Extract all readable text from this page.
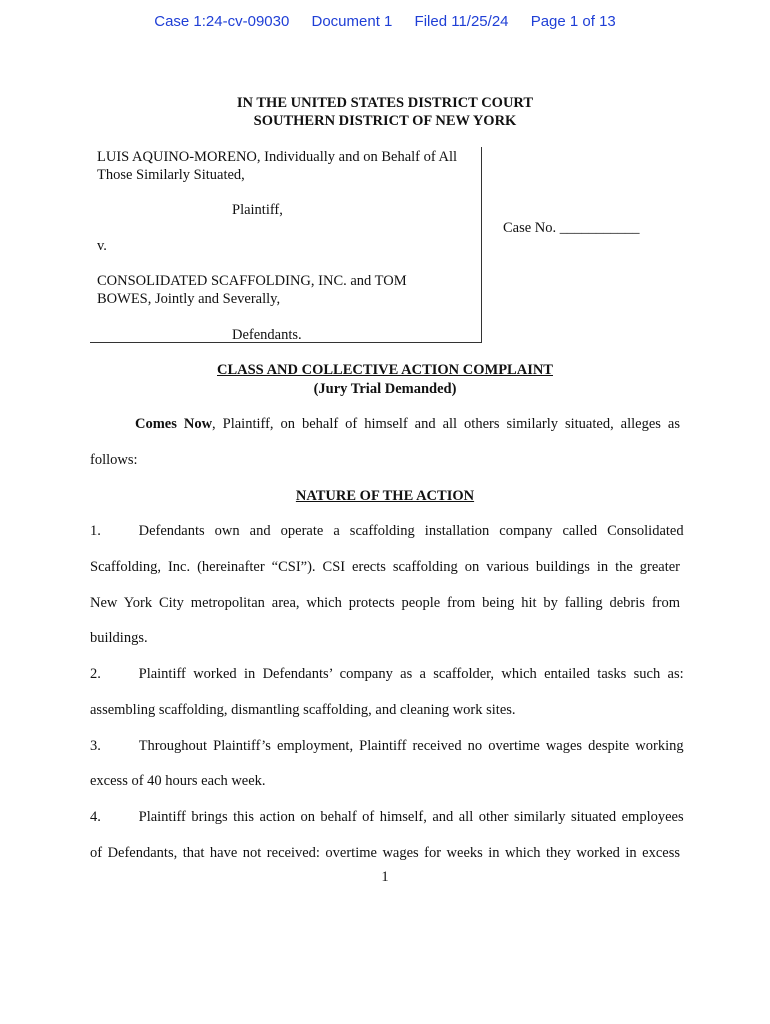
Case 1:24-cv-09030 Document 1 Filed 11/25/24 Page 1 of 13
IN THE UNITED STATES DISTRICT COURT
SOUTHERN DISTRICT OF NEW YORK
LUIS AQUINO-MORENO, Individually and on Behalf of All
Those Similarly Situated,
Plaintiff,
v.
CONSOLIDATED SCAFFOLDING, INC. and TOM
BOWES, Jointly and Severally,
Defendants.
Case No. ___________
CLASS AND COLLECTIVE ACTION COMPLAINT
(Jury Trial Demanded)
Comes Now, Plaintiff, on behalf of himself and all others similarly situated, alleges as
follows:
NATURE OF THE ACTION
1.	Defendants own and operate a scaffolding installation company called Consolidated
Scaffolding, Inc. (hereinafter “CSI”). CSI erects scaffolding on various buildings in the greater
New York City metropolitan area, which protects people from being hit by falling debris from
buildings.
2.	Plaintiff worked in Defendants’ company as a scaffolder, which entailed tasks such as:
assembling scaffolding, dismantling scaffolding, and cleaning work sites.
3.	Throughout Plaintiff’s employment, Plaintiff received no overtime wages despite working
excess of 40 hours each week.
4.	Plaintiff brings this action on behalf of himself, and all other similarly situated employees
of Defendants, that have not received: overtime wages for weeks in which they worked in excess
1
